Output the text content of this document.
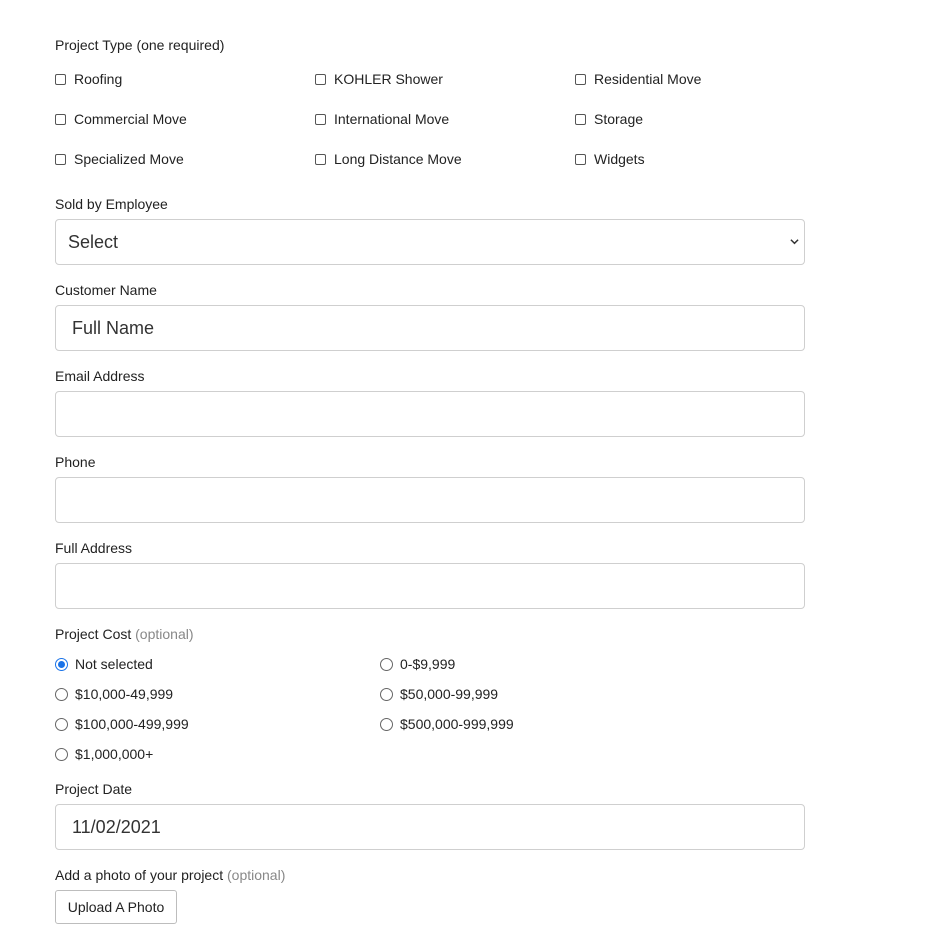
Project Type (one required)
Roofing	KOHLER Shower	Residential Move
Commercial Move	International Move	Storage
Specialized Move	Long Distance Move	Widgets
Sold by Employee
Select
Customer Name
Full Name
Email Address
Phone
Full Address
Project Cost (optional)
Not selected	0-$9,999
$10,000-49,999	$50,000-99,999
$100,000-499,999	$500,000-999,999
$1,000,000+
Project Date
11/02/2021
Add a photo of your project (optional)
Upload A Photo
